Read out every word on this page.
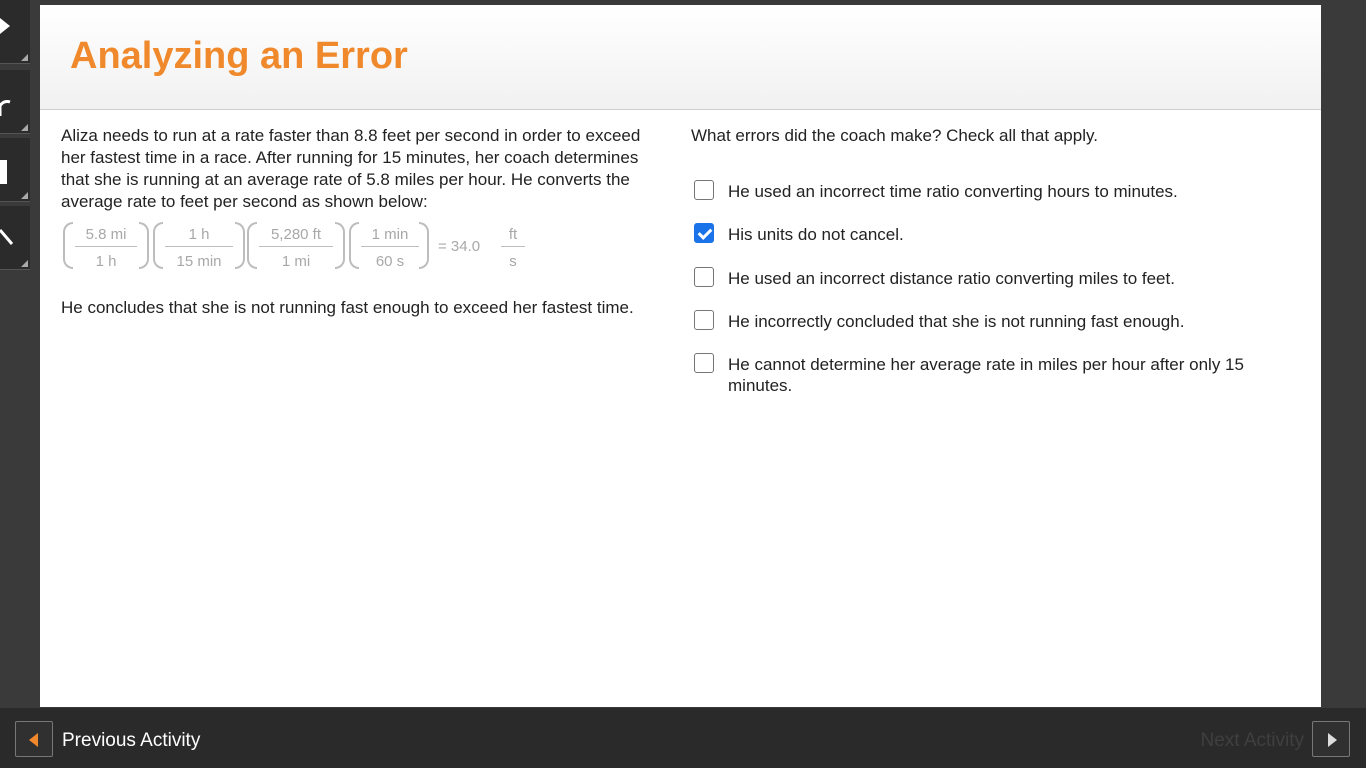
Analyzing an Error

Aliza needs to run at a rate faster than 8.8 feet per second in order to exceed her fastest time in a race. After running for 15 minutes, her coach determines that she is running at an average rate of 5.8 miles per hour. He converts the average rate to feet per second as shown below:

5.8 mi
1 h
1 h
15 min
5,280 ft
1 mi
1 min
60 s
= 34.0
ft
s

He concludes that she is not running fast enough to exceed her fastest time.

What errors did the coach make? Check all that apply.

He used an incorrect time ratio converting hours to minutes.
His units do not cancel.
He used an incorrect distance ratio converting miles to feet.
He incorrectly concluded that she is not running fast enough.
He cannot determine her average rate in miles per hour after only 15 minutes.
Previous Activity	Next Activity
